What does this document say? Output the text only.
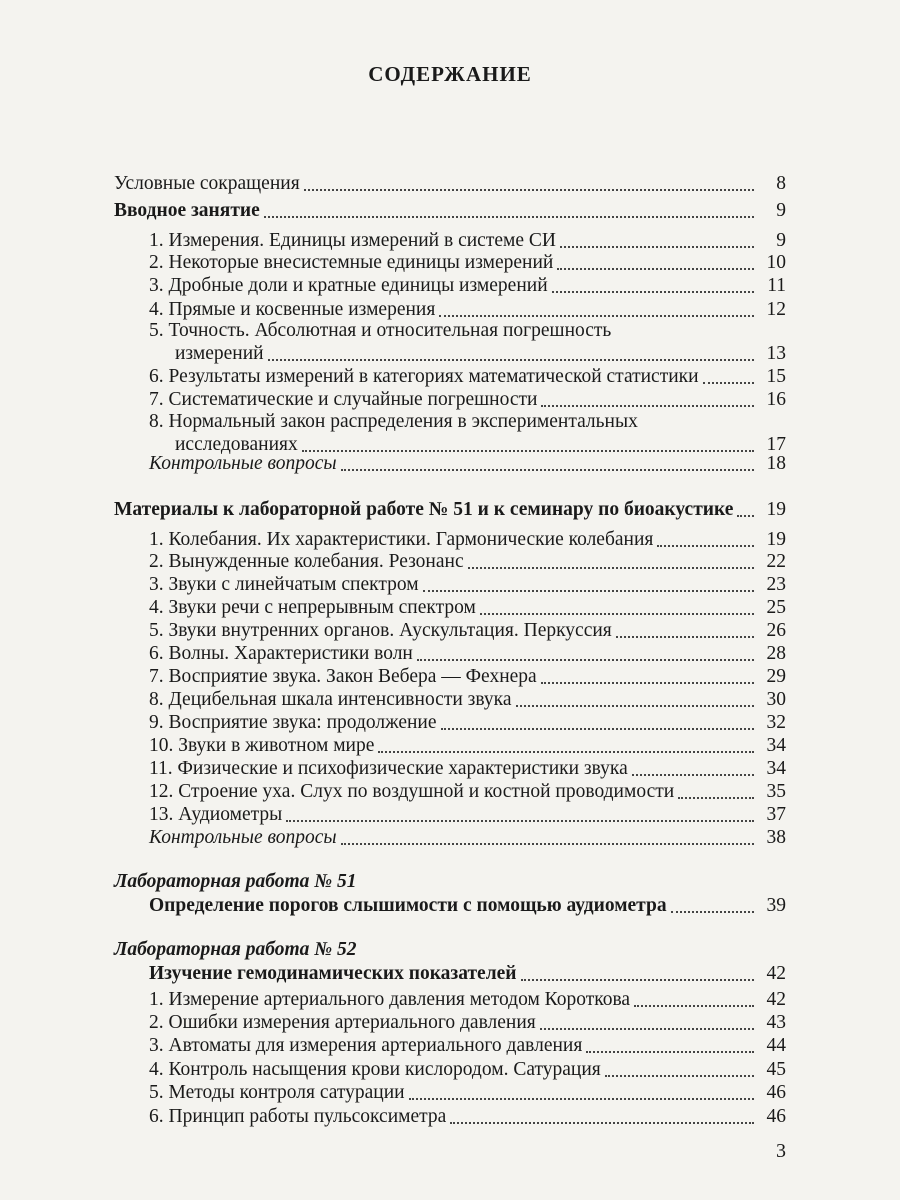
СОДЕРЖАНИЕ
Условные сокращения	8
Вводное занятие	9
1. Измерения. Единицы измерений в системе СИ	9
2. Некоторые внесистемные единицы измерений	10
3. Дробные доли и кратные единицы измерений	11
4. Прямые и косвенные измерения	12
5. Точность. Абсолютная и относительная погрешность
измерений	13
6. Результаты измерений в категориях математической статистики	15
7. Систематические и случайные погрешности	16
8. Нормальный закон распределения в экспериментальных
исследованиях	17
Контрольные вопросы	18
Материалы к лабораторной работе № 51 и к семинару по биоакустике	19
1. Колебания. Их характеристики. Гармонические колебания	19
2. Вынужденные колебания. Резонанс	22
3. Звуки с линейчатым спектром	23
4. Звуки речи с непрерывным спектром	25
5. Звуки внутренних органов. Аускультация. Перкуссия	26
6. Волны. Характеристики волн	28
7. Восприятие звука. Закон Вебера — Фехнера	29
8. Децибельная шкала интенсивности звука	30
9. Восприятие звука: продолжение	32
10. Звуки в животном мире	34
11. Физические и психофизические характеристики звука	34
12. Строение уха. Слух по воздушной и костной проводимости	35
13. Аудиометры	37
Контрольные вопросы	38
Лабораторная работа № 51
Определение порогов слышимости с помощью аудиометра	39
Лабораторная работа № 52
Изучение гемодинамических показателей	42
1. Измерение артериального давления методом Короткова	42
2. Ошибки измерения артериального давления	43
3. Автоматы для измерения артериального давления	44
4. Контроль насыщения крови кислородом. Сатурация	45
5. Методы контроля сатурации	46
6. Принцип работы пульсоксиметра	46
3
